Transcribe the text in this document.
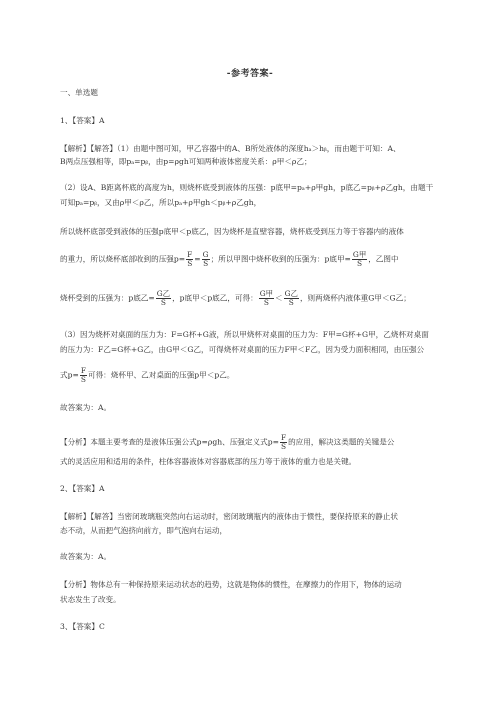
-参考答案-
一、单选题
1、【答案】A
【解析】【解答】（1）由题中图可知，甲乙容器中的A、B所处液体的深度hₐ＞hᵦ，而由题干可知：A、
B两点压强相等，即pₐ=pᵦ，由p=ρgh可知两种液体密度关系：ρ甲＜ρ乙；
（2）设A、B距离杯底的高度为h，则烧杯底受到液体的压强：p底甲=pₐ+ρ甲gh，p底乙=pᵦ+ρ乙gh，由题干
可知pₐ=pᵦ，又由ρ甲＜ρ乙，所以pₐ+ρ甲gh＜pᵦ+ρ乙gh，
所以烧杯底部受到液体的压强p底甲＜p底乙，因为烧杯是直壁容器，烧杯底受到压力等于容器内的液体
的重力，所以烧杯底部收到的压强$p= \frac{F}{S} = \frac{G}{S}$ ；所以甲图中烧杯收到的压强为：p底甲= $\frac{\text{G甲}}{S}$ ，乙图中
烧杯受到的压强为：p底乙= $\frac{\text{G乙}}{S}$ ，p底甲＜p底乙，可得： $\frac{\text{G甲}}{S} < \frac{\text{G乙}}{S}$ ，则两烧杯内液体重G甲＜G乙；
（3）因为烧杯对桌面的压力为：F=G杯+G液，所以甲烧杯对桌面的压力为：F甲=G杯+G甲，乙烧杯对桌面
的压力为：F乙=G杯+G乙，由G甲＜G乙，可得烧杯对桌面的压力F甲＜F乙，因为受力面积相同，由压强公
式$p= \frac{F}{S}$ 可得：烧杯甲、乙对桌面的压强p甲＜p乙。
故答案为：A。
【分析】本题主要考查的是液体压强公式p=ρgh、压强定义式$p= \frac{F}{S}$ 的应用，解决这类题的关键是公
式的灵活应用和适用的条件，柱体容器液体对容器底部的压力等于液体的重力也是关键。
2、【答案】A
【解析】【解答】当密闭玻璃瓶突然向右运动时，密闭玻璃瓶内的液体由于惯性，要保持原来的静止状
态不动，从而把气泡挤向前方，即气泡向右运动，
故答案为：A。
【分析】物体总有一种保持原来运动状态的趋势，这就是物体的惯性，在摩擦力的作用下，物体的运动
状态发生了改变。
3、【答案】C
